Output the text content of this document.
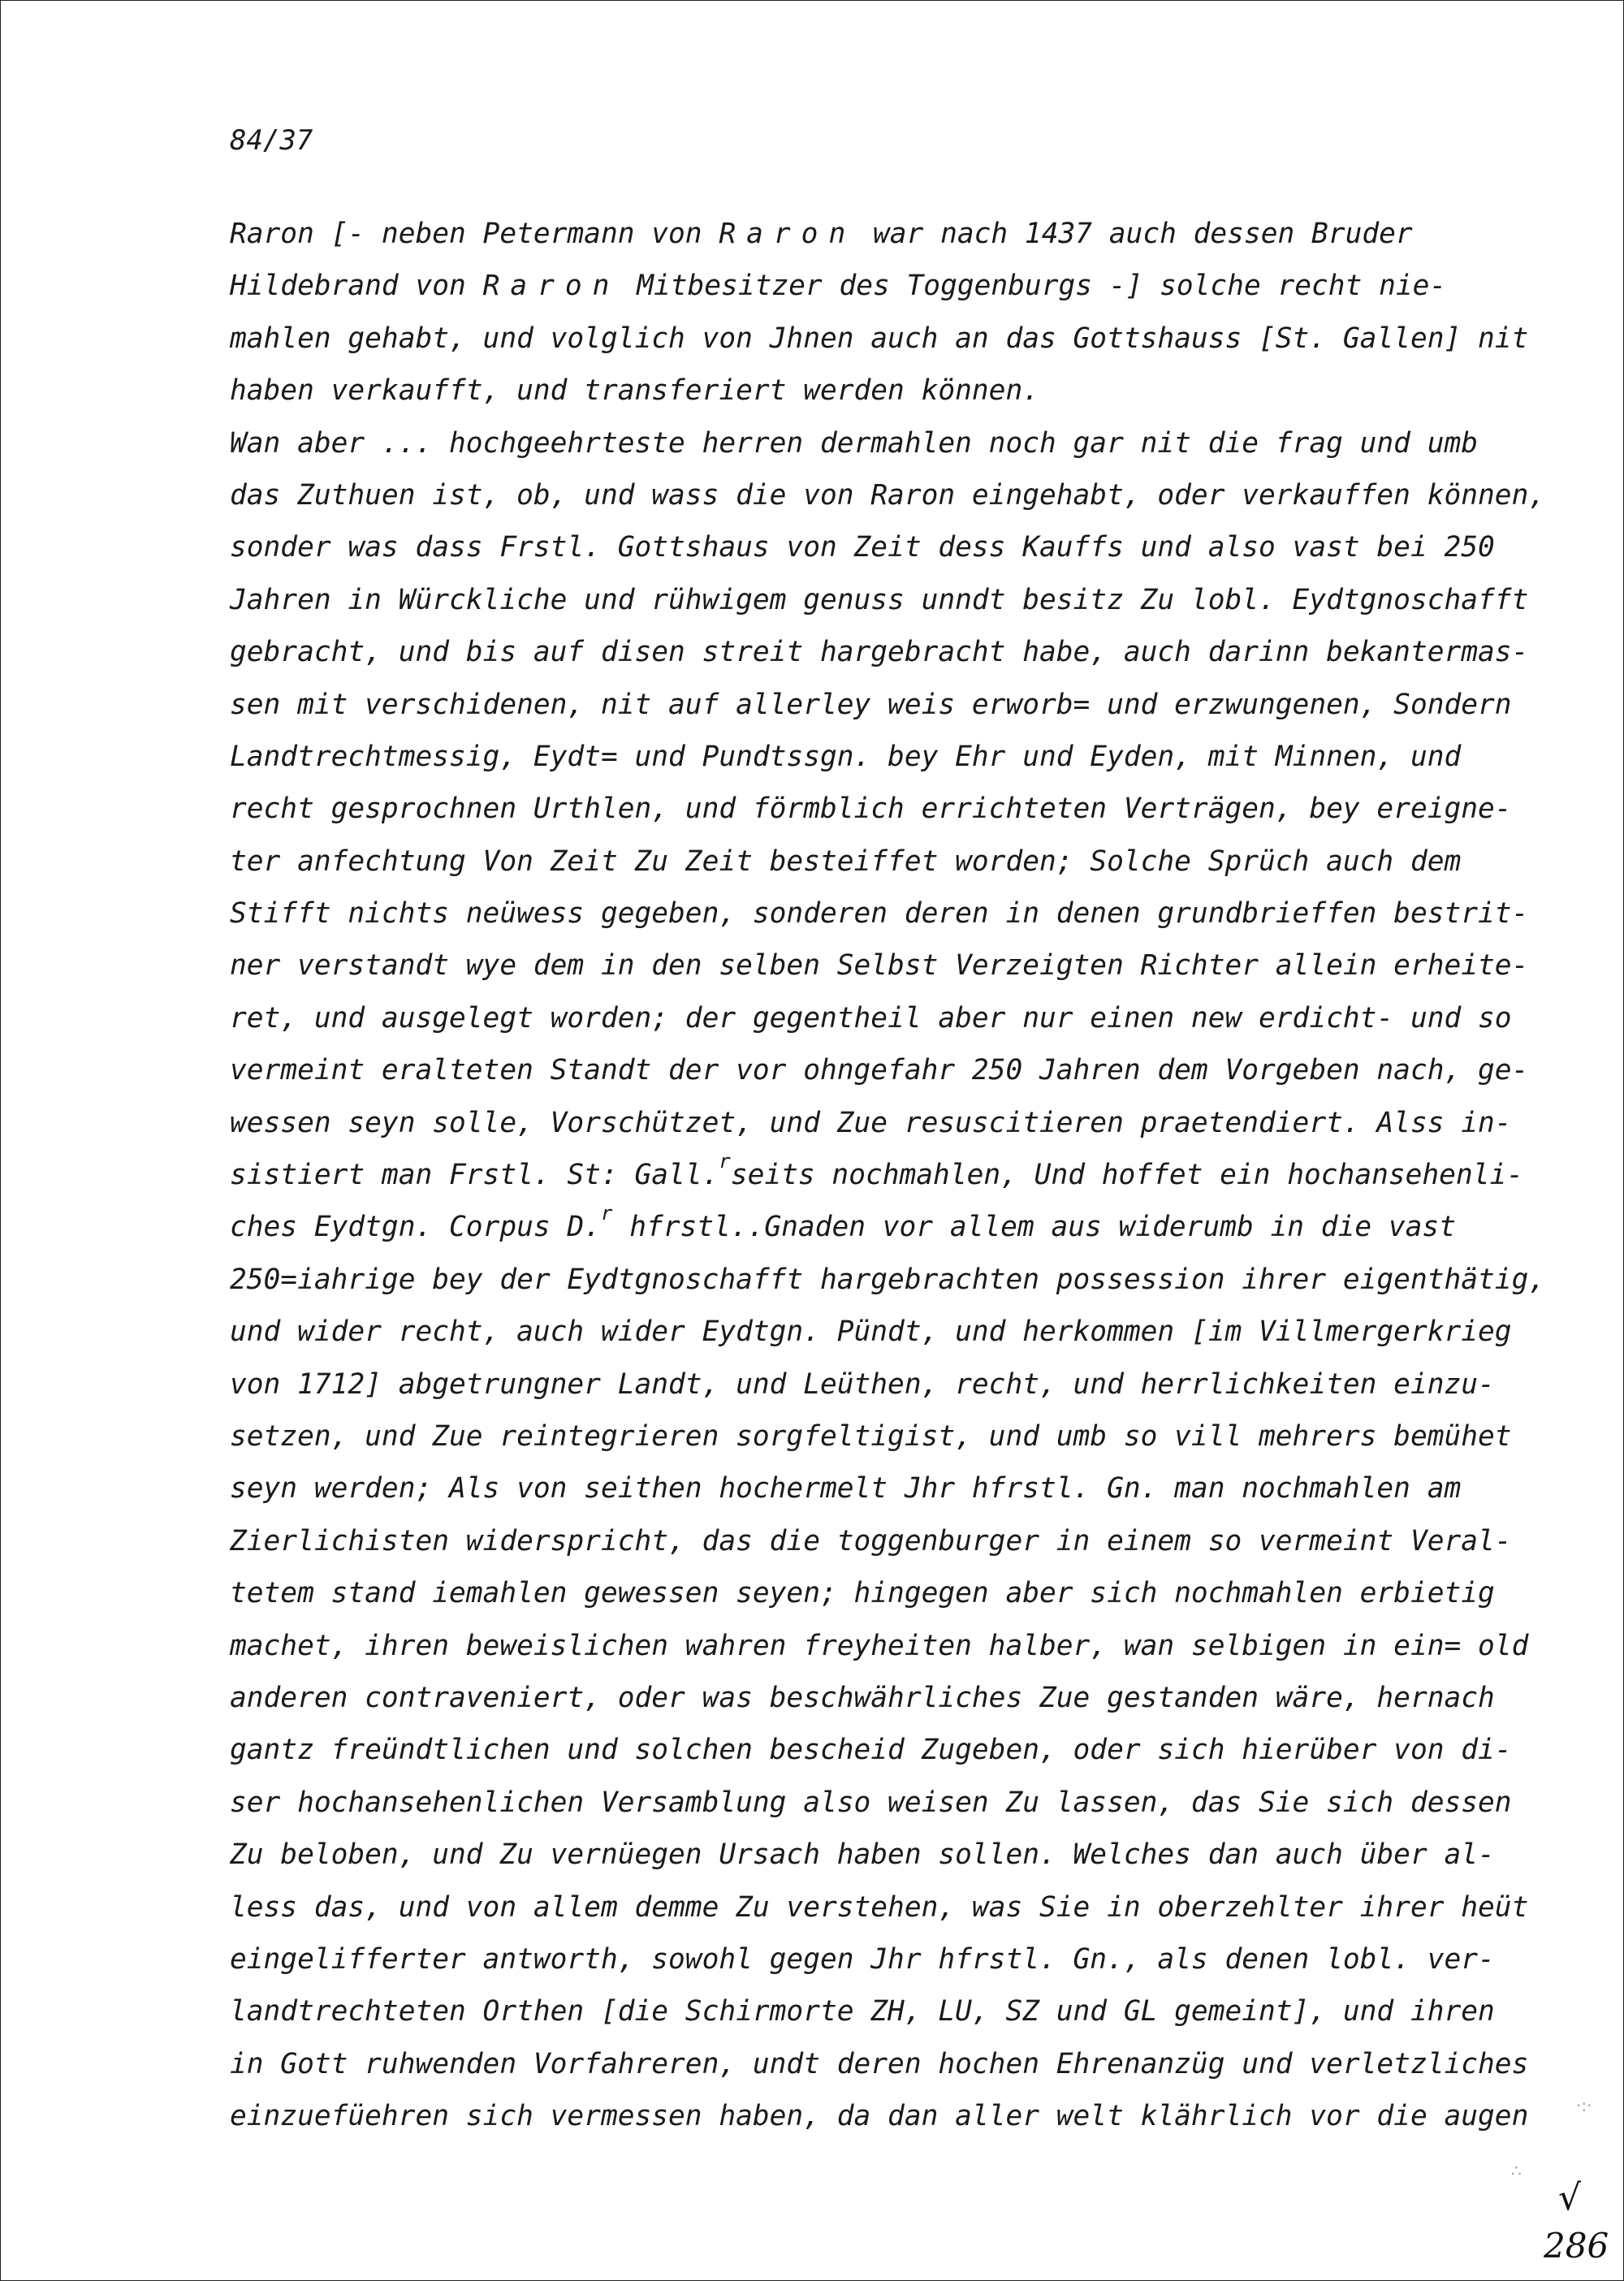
84/37
Raron [- neben Petermann von Raron war nach 1437 auch dessen Bruder
Hildebrand von Raron Mitbesitzer des Toggenburgs -] solche recht nie-
mahlen gehabt, und volglich von Jhnen auch an das Gottshauss [St. Gallen] nit
haben verkaufft, und transferiert werden können.
Wan aber ... hochgeehrteste herren dermahlen noch gar nit die frag und umb
das Zuthuen ist, ob, und wass die von Raron eingehabt, oder verkauffen können,
sonder was dass Frstl. Gottshaus von Zeit dess Kauffs und also vast bei 250
Jahren in Würckliche und rühwigem genuss unndt besitz Zu lobl. Eydtgnoschafft
gebracht, und bis auf disen streit hargebracht habe, auch darinn bekantermas-
sen mit verschidenen, nit auf allerley weis erworb= und erzwungenen, Sondern
Landtrechtmessig, Eydt= und Pundtssgn. bey Ehr und Eyden, mit Minnen, und
recht gesprochnen Urthlen, und förmblich errichteten Verträgen, bey ereigne-
ter anfechtung Von Zeit Zu Zeit besteiffet worden; Solche Sprüch auch dem
Stifft nichts neüwess gegeben, sonderen deren in denen grundbrieffen bestrit-
ner verstandt wye dem in den selben Selbst Verzeigten Richter allein erheite-
ret, und ausgelegt worden; der gegentheil aber nur einen new erdicht- und so
vermeint eralteten Standt der vor ohngefahr 250 Jahren dem Vorgeben nach, ge-
wessen seyn solle, Vorschützet, und Zue resuscitieren praetendiert. Alss in-
sistiert man Frstl. St: Gall.$^r$seits nochmahlen, Und hoffet ein hochansehenli-
ches Eydtgn. Corpus D.$^r$ hfrstl..Gnaden vor allem aus widerumb in die vast
250=iahrige bey der Eydtgnoschafft hargebrachten possession ihrer eigenthätig,
und wider recht, auch wider Eydtgn. Pündt, und herkommen [im Villmergerkrieg
von 1712] abgetrungner Landt, und Leüthen, recht, und herrlichkeiten einzu-
setzen, und Zue reintegrieren sorgfeltigist, und umb so vill mehrers bemühet
seyn werden; Als von seithen hochermelt Jhr hfrstl. Gn. man nochmahlen am
Zierlichisten widerspricht, das die toggenburger in einem so vermeint Veral-
tetem stand iemahlen gewessen seyen; hingegen aber sich nochmahlen erbietig
machet, ihren beweislichen wahren freyheiten halber, wan selbigen in ein= old
anderen contraveniert, oder was beschwährliches Zue gestanden wäre, hernach
gantz freündtlichen und solchen bescheid Zugeben, oder sich hierüber von di-
ser hochansehenlichen Versamblung also weisen Zu lassen, das Sie sich dessen
Zu beloben, und Zu vernüegen Ursach haben sollen. Welches dan auch über al-
less das, und von allem demme Zu verstehen, was Sie in oberzehlter ihrer heüt
eingelifferter antworth, sowohl gegen Jhr hfrstl. Gn., als denen lobl. ver-
landtrechteten Orthen [die Schirmorte ZH, LU, SZ und GL gemeint], und ihren
in Gott ruhwenden Vorfahreren, undt deren hochen Ehrenanzüg und verletzliches
einzuefüehren sich vermessen haben, da dan aller welt klährlich vor die augen	·:·
∴
√
286
